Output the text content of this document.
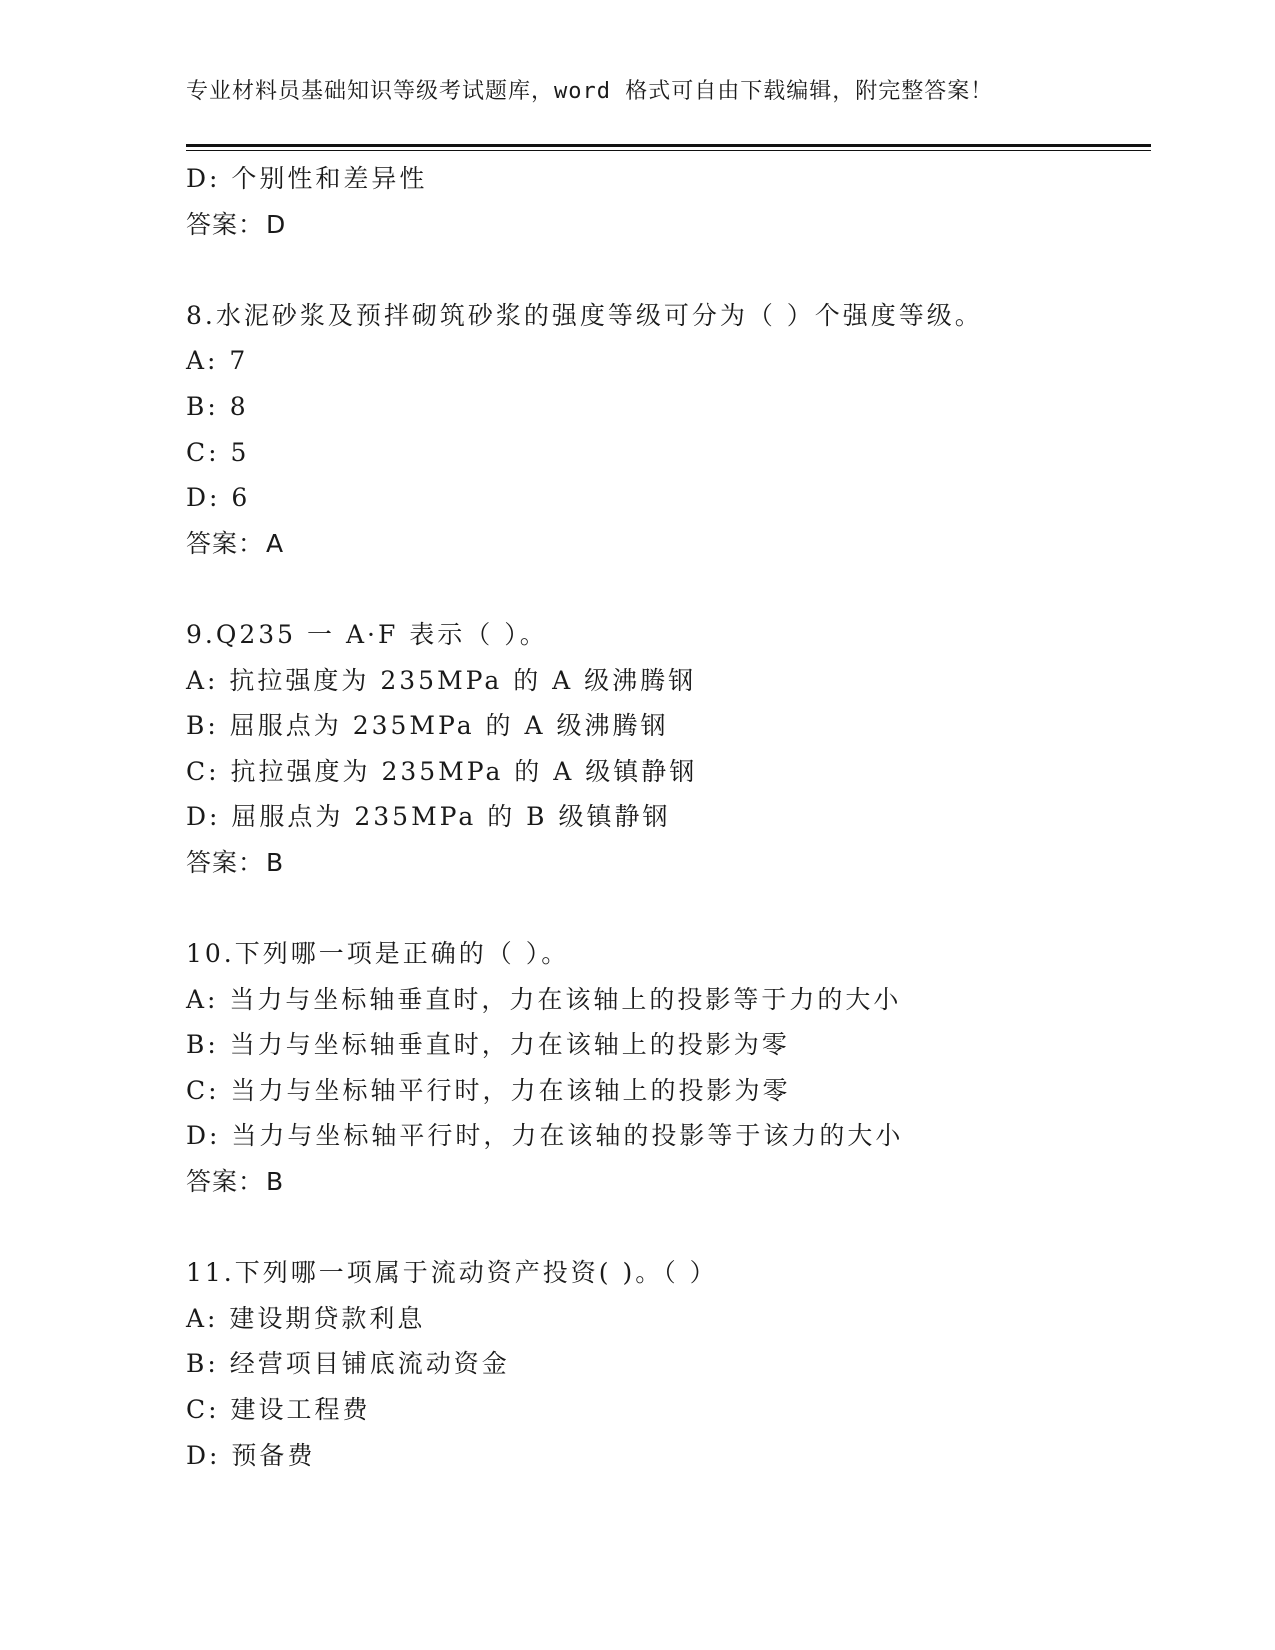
专业材料员基础知识等级考试题库，word 格式可自由下载编辑，附完整答案！
D: 个别性和差异性
答案：D
8.水泥砂浆及预拌砌筑砂浆的强度等级可分为（ ）个强度等级。
A: 7
B: 8
C: 5
D: 6
答案：A
9.Q235 一 A·F 表示（ ）。
A: 抗拉强度为 235MPa 的 A 级沸腾钢
B: 屈服点为 235MPa 的 A 级沸腾钢
C: 抗拉强度为 235MPa 的 A 级镇静钢
D: 屈服点为 235MPa 的 B 级镇静钢
答案：B
10.下列哪一项是正确的（ ）。
A: 当力与坐标轴垂直时，力在该轴上的投影等于力的大小
B: 当力与坐标轴垂直时，力在该轴上的投影为零
C: 当力与坐标轴平行时，力在该轴上的投影为零
D: 当力与坐标轴平行时，力在该轴的投影等于该力的大小
答案：B
11.下列哪一项属于流动资产投资( )。（ ）
A: 建设期贷款利息
B: 经营项目铺底流动资金
C: 建设工程费
D: 预备费
